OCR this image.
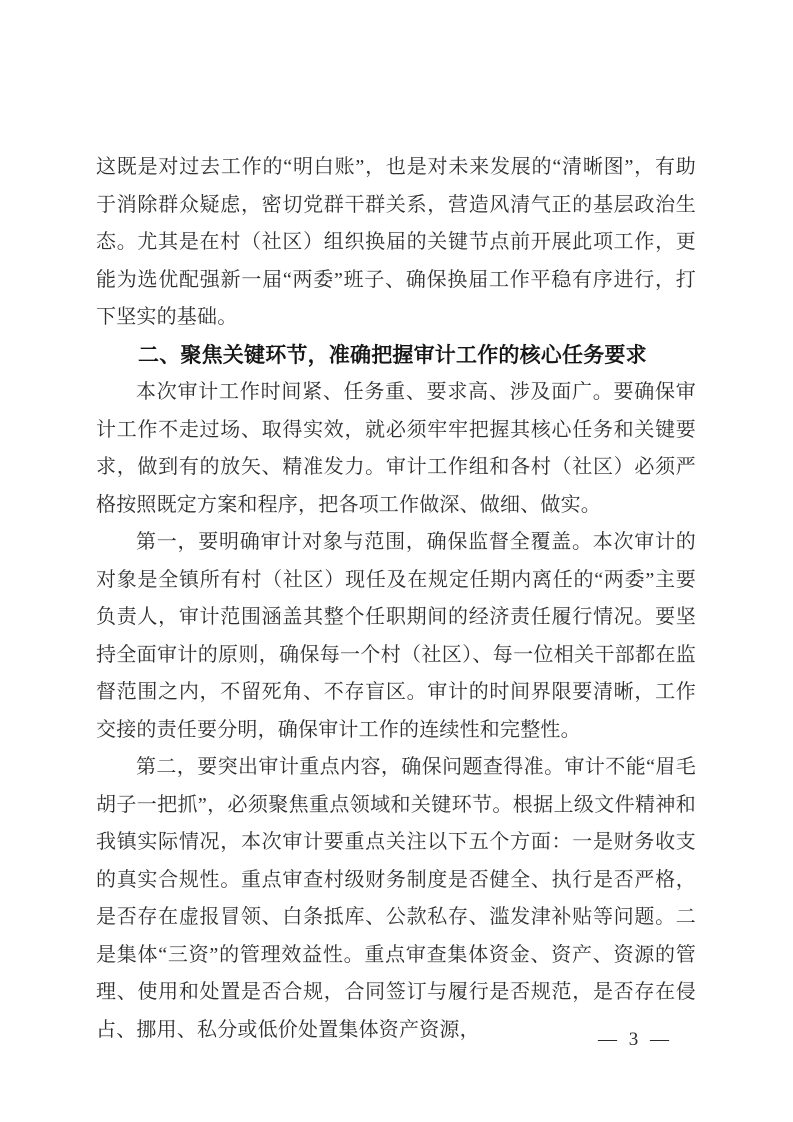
这既是对过去工作的“明白账”，也是对未来发展的“清晰图”，有助于消除群众疑虑，密切党群干群关系，营造风清气正的基层政治生态。尤其是在村（社区）组织换届的关键节点前开展此项工作，更能为选优配强新一届“两委”班子、确保换届工作平稳有序进行，打下坚实的基础。

二、聚焦关键环节，准确把握审计工作的核心任务要求

本次审计工作时间紧、任务重、要求高、涉及面广。要确保审计工作不走过场、取得实效，就必须牢牢把握其核心任务和关键要求，做到有的放矢、精准发力。审计工作组和各村（社区）必须严格按照既定方案和程序，把各项工作做深、做细、做实。

第一，要明确审计对象与范围，确保监督全覆盖。本次审计的对象是全镇所有村（社区）现任及在规定任期内离任的“两委”主要负责人，审计范围涵盖其整个任职期间的经济责任履行情况。要坚持全面审计的原则，确保每一个村（社区）、每一位相关干部都在监督范围之内，不留死角、不存盲区。审计的时间界限要清晰，工作交接的责任要分明，确保审计工作的连续性和完整性。

第二，要突出审计重点内容，确保问题查得准。审计不能“眉毛胡子一把抓”，必须聚焦重点领域和关键环节。根据上级文件精神和我镇实际情况，本次审计要重点关注以下五个方面：一是财务收支的真实合规性。重点审查村级财务制度是否健全、执行是否严格，是否存在虚报冒领、白条抵库、公款私存、滥发津补贴等问题。二是集体“三资”的管理效益性。重点审查集体资金、资产、资源的管理、使用和处置是否合规，合同签订与履行是否规范，是否存在侵占、挪用、私分或低价处置集体资产资源，	— 3 —
